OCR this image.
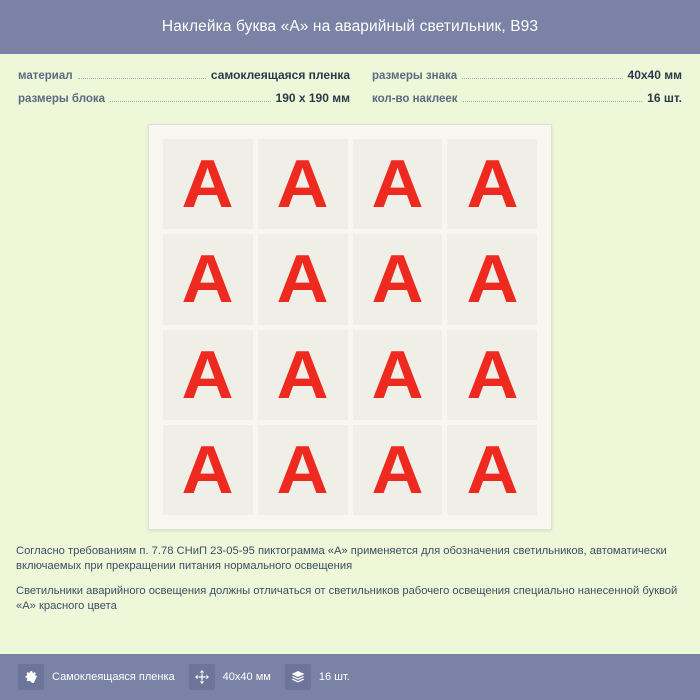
Наклейка буква «А» на аварийный светильник, B93
материал	самоклеящаяся пленка
размеры блока	190 х 190 мм
размеры знака	40x40 мм
кол-во наклеек	16 шт.
A A A A
A A A A
A A A A
A A A A
Согласно требованиям п. 7.78 СНиП 23-05-95 пиктограмма «А» применяется для обозначения светильников, автоматически включаемых при прекращении питания нормального освещения
Светильники аварийного освещения должны отличаться от светильников рабочего освещения специально нанесенной буквой «А» красного цвета
Самоклеящаяся пленка	40x40 мм	16 шт.
